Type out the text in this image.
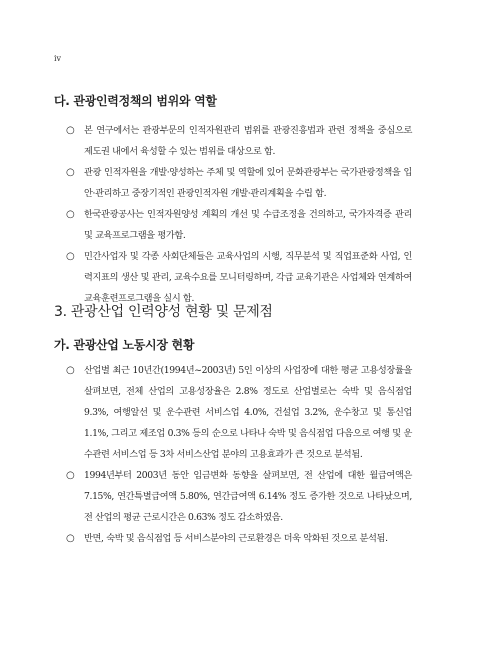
iv
다. 관광인력정책의 범위와 역할
○ 본 연구에서는 관광부문의 인적자원관리 범위를 관광진흥법과 관련 정책을 중심으로 제도권 내에서 육성할 수 있는 범위를 대상으로 함.
○ 관광 인적자원을 개발·양성하는 주체 및 역할에 있어 문화관광부는 국가관광정책을 입안·관리하고 중장기적인 관광인적자원 개발·관리계획을 수립 함.
○ 한국관광공사는 인적자원양성 계획의 개선 및 수급조정을 건의하고, 국가자격증 관리 및 교육프로그램을 평가함.
○ 민간사업자 및 각종 사회단체들은 교육사업의 시행, 직무분석 및 직업표준화 사업, 인력지표의 생산 및 관리, 교육수요를 모니터링하며, 각급 교육기관은 사업체와 연계하여 교육훈련프로그램을 실시 함.
3. 관광산업 인력양성 현황 및 문제점
가. 관광산업 노동시장 현황
○ 산업별 최근 10년간(1994년~2003년) 5인 이상의 사업장에 대한 평균 고용성장률을 살펴보면, 전체 산업의 고용성장율은 2.8% 정도로 산업별로는 숙박 및 음식점업 9.3%, 여행알선 및 운수관련 서비스업 4.0%, 건설업 3.2%, 운수창고 및 통신업 1.1%, 그리고 제조업 0.3% 등의 순으로 나타나 숙박 및 음식점업 다음으로 여행 및 운수관련 서비스업 등 3차 서비스산업 분야의 고용효과가 큰 것으로 분석됨.
○ 1994년부터 2003년 동안 임금변화 동향을 살펴보면, 전 산업에 대한 월급여액은 7.15%, 연간특별급여액 5.80%, 연간급여액 6.14% 정도 증가한 것으로 나타났으며, 전 산업의 평균 근로시간은 0.63% 정도 감소하였음.
○ 반면, 숙박 및 음식점업 등 서비스분야의 근로환경은 더욱 악화된 것으로 분석됨.
